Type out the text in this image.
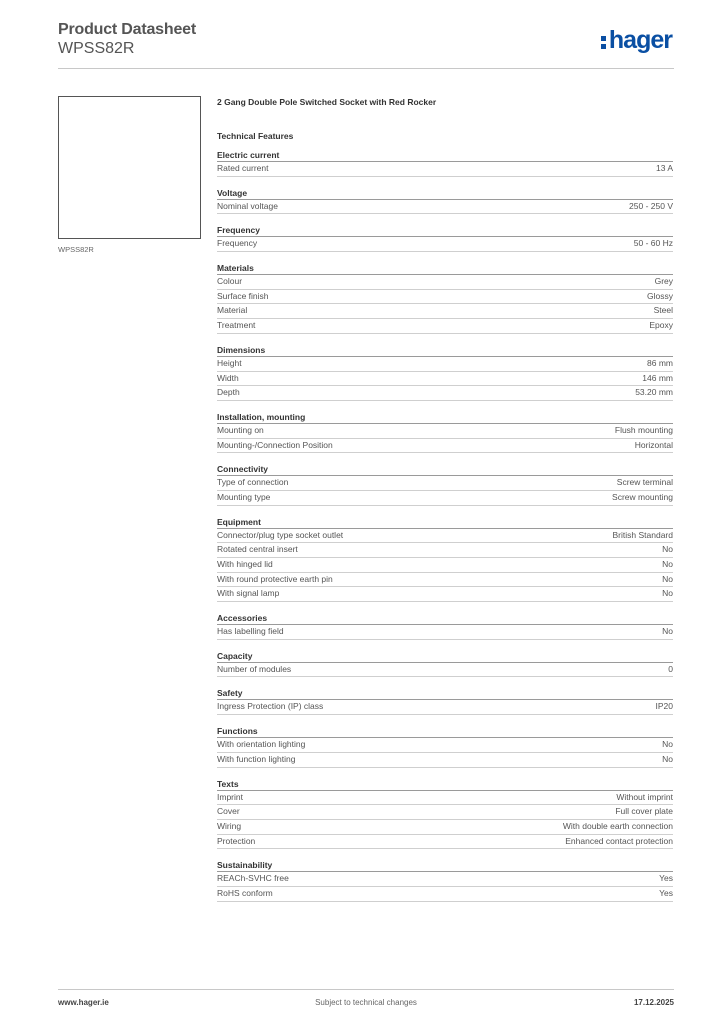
Product Datasheet
WPSS82R	hager
WPSS82R
2 Gang Double Pole Switched Socket with Red Rocker
Technical Features
Electric current
Rated current	13 A
Voltage
Nominal voltage	250 - 250 V
Frequency
Frequency	50 - 60 Hz
Materials
Colour	Grey
Surface finish	Glossy
Material	Steel
Treatment	Epoxy
Dimensions
Height	86 mm
Width	146 mm
Depth	53.20 mm
Installation, mounting
Mounting on	Flush mounting
Mounting-/Connection Position	Horizontal
Connectivity
Type of connection	Screw terminal
Mounting type	Screw mounting
Equipment
Connector/plug type socket outlet	British Standard
Rotated central insert	No
With hinged lid	No
With round protective earth pin	No
With signal lamp	No
Accessories
Has labelling field	No
Capacity
Number of modules	0
Safety
Ingress Protection (IP) class	IP20
Functions
With orientation lighting	No
With function lighting	No
Texts
Imprint	Without imprint
Cover	Full cover plate
Wiring	With double earth connection
Protection	Enhanced contact protection
Sustainability
REACh-SVHC free	Yes
RoHS conform	Yes
www.hager.ie	Subject to technical changes	17.12.2025
